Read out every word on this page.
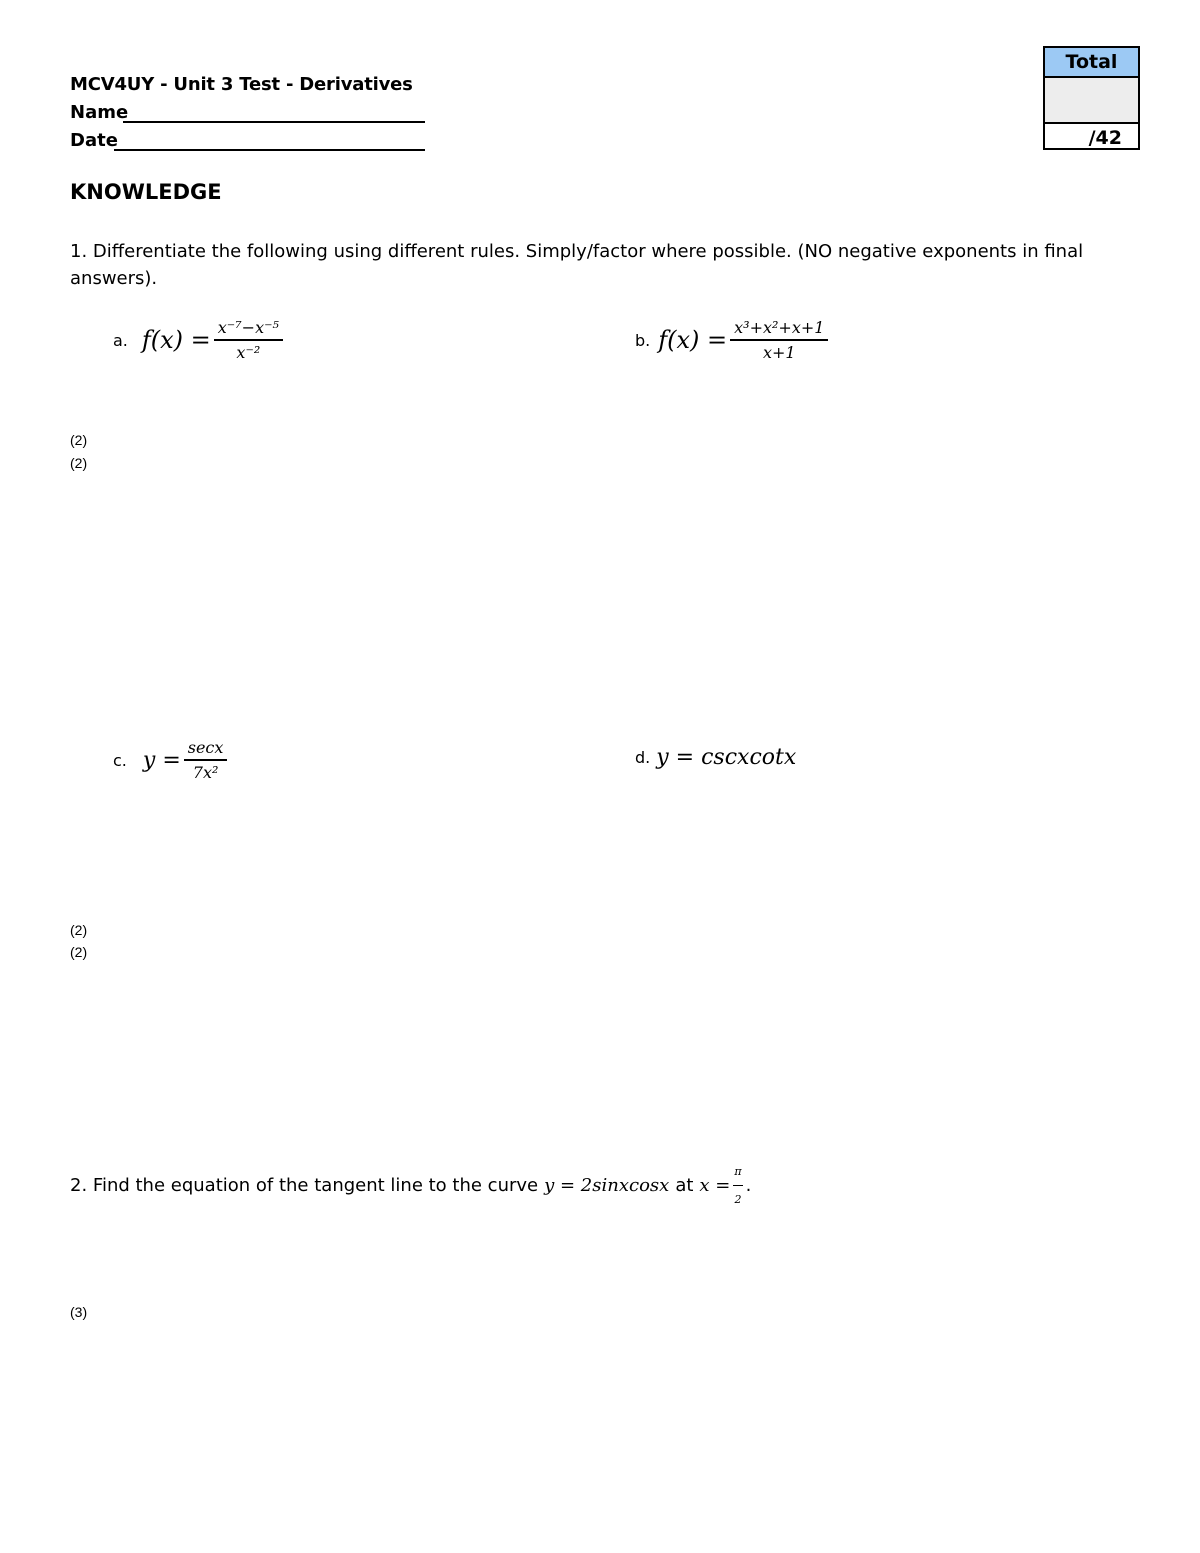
MCV4UY - Unit 3 Test - Derivatives
Name
Date
Total
/42
KNOWLEDGE
1. Differentiate the following using different rules. Simply/factor where possible. (NO negative exponents in final answers).
a. $f(x) = \frac{\text{x⁻⁷−x⁻⁵}}{\text{x⁻²}}$	b. $f(x) = \frac{\text{x³+x²+x+1}}{x+1}$
(2)
(2)
c. $y = \frac{\sec x}{\text{7x²}}$	d. y = cscxcotx
(2)
(2)
2. Find the equation of the tangent line to the curve y = 2sinxcosx at $x = \frac{\pi}{2}$ .
(3)
